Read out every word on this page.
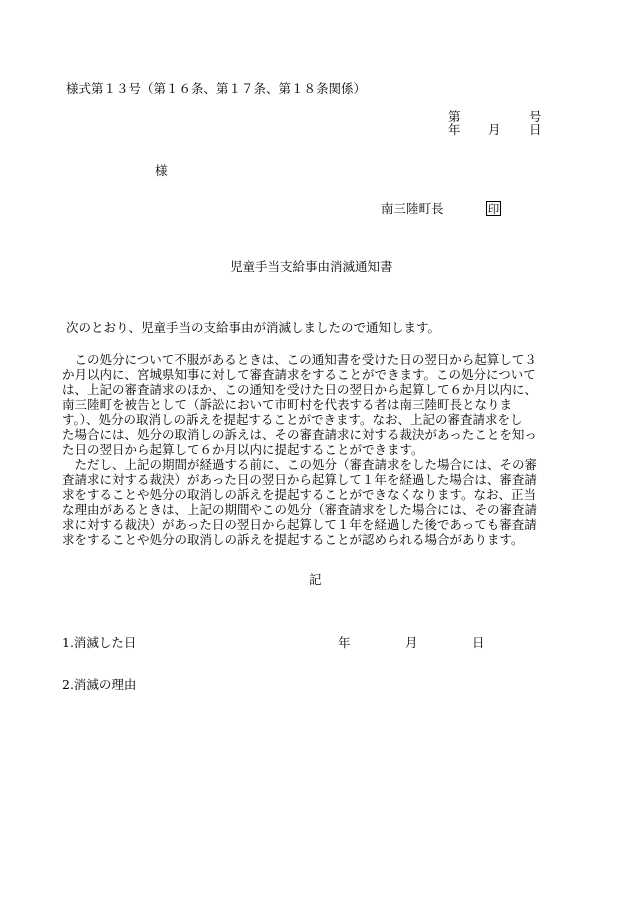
様式第１３号（第１６条、第１７条、第１８条関係）
第	号
年 月 日
様
南三陸町長	印
児童手当支給事由消滅通知書
次のとおり、児童手当の支給事由が消滅しましたので通知します。
　この処分について不服があるときは、この通知書を受けた日の翌日から起算して３
か月以内に、宮城県知事に対して審査請求をすることができます。この処分について
は、上記の審査請求のほか、この通知を受けた日の翌日から起算して６か月以内に、
南三陸町を被告として（訴訟において市町村を代表する者は南三陸町長となりま
す。）、処分の取消しの訴えを提起することができます。なお、上記の審査請求をし
た場合には、処分の取消しの訴えは、その審査請求に対する裁決があったことを知っ
た日の翌日から起算して６か月以内に提起することができます。
　ただし、上記の期間が経過する前に、この処分（審査請求をした場合には、その審
査請求に対する裁決）があった日の翌日から起算して１年を経過した場合は、審査請
求をすることや処分の取消しの訴えを提起することができなくなります。なお、正当
な理由があるときは、上記の期間やこの処分（審査請求をした場合には、その審査請
求に対する裁決）があった日の翌日から起算して１年を経過した後であっても審査請
求をすることや処分の取消しの訴えを提起することが認められる場合があります。
記
1.消滅した日	年	月	日
2.消滅の理由
